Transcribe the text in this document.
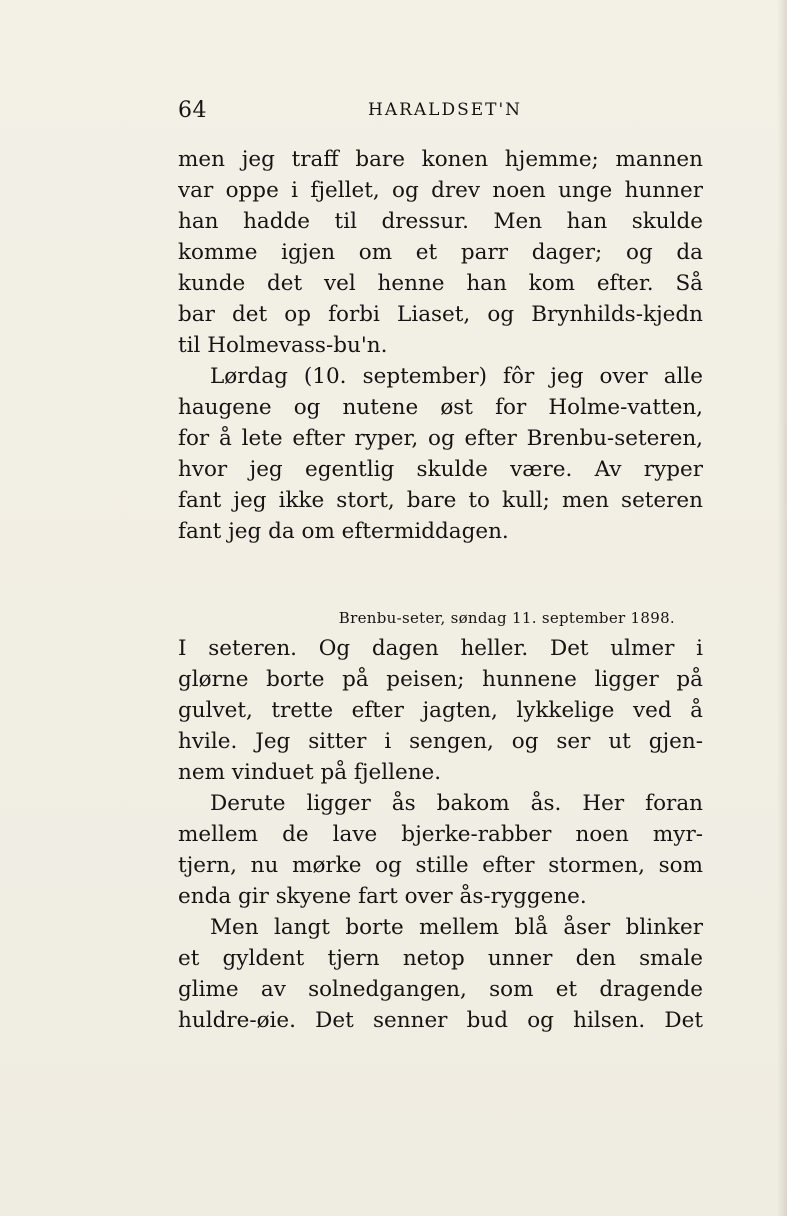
64	HARALDSET'N
men jeg traff bare konen hjemme; mannen
var oppe i fjellet, og drev noen unge hunner
han hadde til dressur. Men han skulde
komme igjen om et parr dager; og da
kunde det vel henne han kom efter. Så
bar det op forbi Liaset, og Brynhilds-kjedn
til Holmevass-bu'n.
Lørdag (10. september) fôr jeg over alle
haugene og nutene øst for Holme-vatten,
for å lete efter ryper, og efter Brenbu-seteren,
hvor jeg egentlig skulde være. Av ryper
fant jeg ikke stort, bare to kull; men seteren
fant jeg da om eftermiddagen.
Brenbu-seter, søndag 11. september 1898.
I seteren. Og dagen heller. Det ulmer i
glørne borte på peisen; hunnene ligger på
gulvet, trette efter jagten, lykkelige ved å
hvile. Jeg sitter i sengen, og ser ut gjen-
nem vinduet på fjellene.
Derute ligger ås bakom ås. Her foran
mellem de lave bjerke-rabber noen myr-
tjern, nu mørke og stille efter stormen, som
enda gir skyene fart over ås-ryggene.
Men langt borte mellem blå åser blinker
et gyldent tjern netop unner den smale
glime av solnedgangen, som et dragende
huldre-øie. Det senner bud og hilsen. Det
